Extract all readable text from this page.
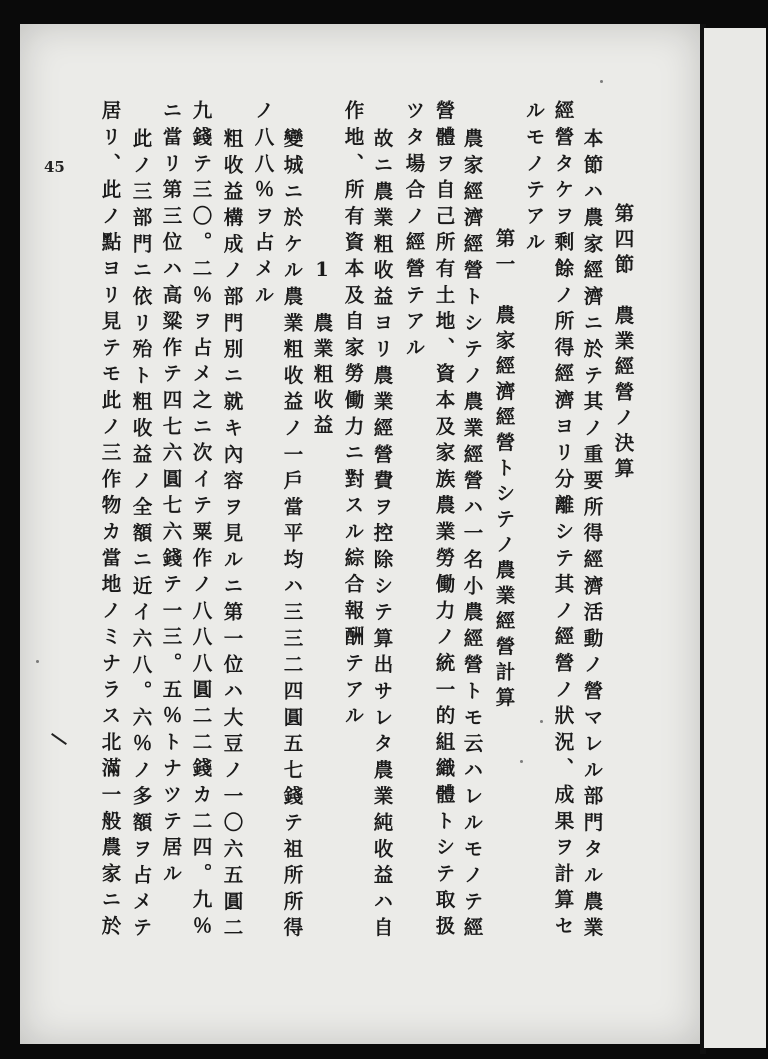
45
第四節　農業經營ノ決算
本節ハ農家經濟ニ於テ其ノ重要所得經濟活動ノ營マレル部門タル農業
經營タケヲ剩餘ノ所得經濟ヨリ分離シテ其ノ經營ノ狀況、成果ヲ計算セ
ルモノテアル
第一　農家經濟經營トシテノ農業經營計算
農家經濟經營トシテノ農業經營ハ一名小農經營トモ云ハレルモノテ經
營體ヲ自己所有土地、資本及家族農業勞働力ノ統一的組織體トシテ取扱
ツタ場合ノ經營テアル
故ニ農業粗收益ヨリ農業經營費ヲ控除シテ算出サレタ農業純收益ハ自
作地、所有資本及自家勞働力ニ對スル綜合報酬テアル
1　農業粗收益
變城ニ於ケル農業粗收益ノ一戶當平均ハ三三二四圓五七錢テ祖所所得
ノ八八％ヲ占メル
粗收益構成ノ部門別ニ就キ內容ヲ見ルニ第一位ハ大豆ノ一〇六五圓二
九錢テ三〇。二％ヲ占メ之ニ次イテ粟作ノ八八八圓二二錢カ二四。九％
ニ當リ第三位ハ高粱作テ四七六圓七六錢テ一三。五％トナツテ居ル
此ノ三部門ニ依リ殆ト粗收益ノ全額ニ近イ六八。六％ノ多額ヲ占メテ
居リ、此ノ點ヨリ見テモ此ノ三作物カ當地ノミナラス北滿一般農家ニ於
